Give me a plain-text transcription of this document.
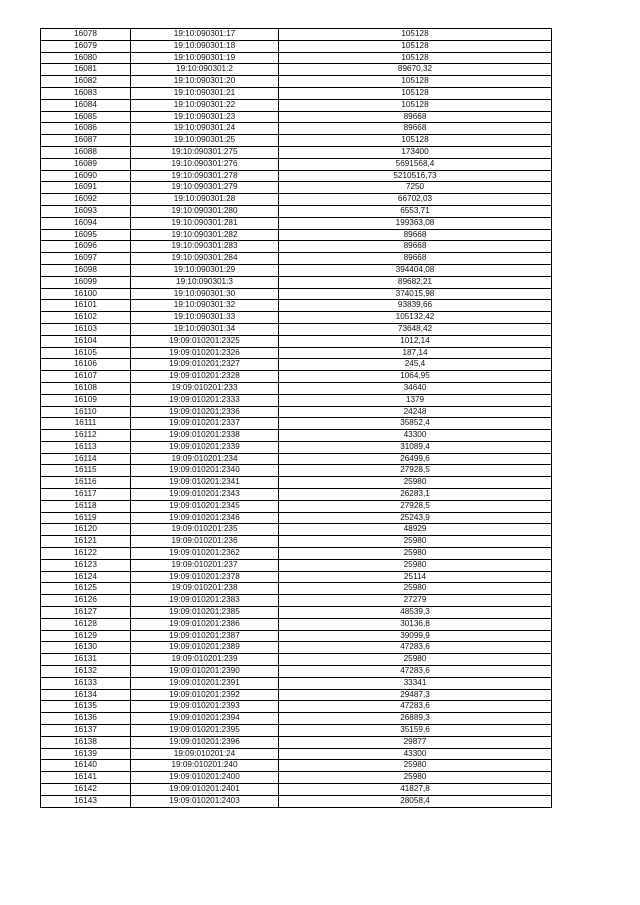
16078	19:10:090301:17	105128
16079	19:10:090301:18	105128
16080	19:10:090301:19	105128
16081	19:10:090301:2	89670,32
16082	19:10:090301:20	105128
16083	19:10:090301:21	105128
16084	19:10:090301:22	105128
16085	19:10:090301:23	89668
16086	19:10:090301:24	89668
16087	19:10:090301:25	105128
16088	19:10:090301:275	173400
16089	19:10:090301:276	5691568,4
16090	19:10:090301:278	5210516,73
16091	19:10:090301:279	7250
16092	19:10:090301:28	66702,03
16093	19:10:090301:280	6553,71
16094	19:10:090301:281	199363,08
16095	19:10:090301:282	89668
16096	19:10:090301:283	89668
16097	19:10:090301:284	89668
16098	19:10:090301:29	394404,08
16099	19:10:090301:3	89682,21
16100	19:10:090301:30	374015,98
16101	19:10:090301:32	93839,66
16102	19:10:090301:33	105132,42
16103	19:10:090301:34	73648,42
16104	19:09:010201:2325	1012,14
16105	19:09:010201:2326	187,14
16106	19:09:010201:2327	245,4
16107	19:09:010201:2328	1064,95
16108	19:09:010201:233	34640
16109	19:09:010201:2333	1379
16110	19:09:010201:2336	24248
16111	19:09:010201:2337	35852,4
16112	19:09:010201:2338	43300
16113	19:09:010201:2339	31089,4
16114	19:09:010201:234	26499,6
16115	19:09:010201:2340	27928,5
16116	19:09:010201:2341	25980
16117	19:09:010201:2343	26283,1
16118	19:09:010201:2345	27928,5
16119	19:09:010201:2346	25243,9
16120	19:09:010201:235	48929
16121	19:09:010201:236	25980
16122	19:09:010201:2362	25980
16123	19:09:010201:237	25980
16124	19:09:010201:2378	25114
16125	19:09:010201:238	25980
16126	19:09:010201:2383	27279
16127	19:09:010201:2385	48539,3
16128	19:09:010201:2386	30136,8
16129	19:09:010201:2387	39099,9
16130	19:09:010201:2389	47283,6
16131	19:09:010201:239	25980
16132	19:09:010201:2390	47283,6
16133	19:09:010201:2391	33341
16134	19:09:010201:2392	29487,3
16135	19:09:010201:2393	47283,6
16136	19:09:010201:2394	26889,3
16137	19:09:010201:2395	35159,6
16138	19:09:010201:2396	29877
16139	19:09:010201:24	43300
16140	19:09:010201:240	25980
16141	19:09:010201:2400	25980
16142	19:09:010201:2401	41827,8
16143	19:09:010201:2403	28058,4
